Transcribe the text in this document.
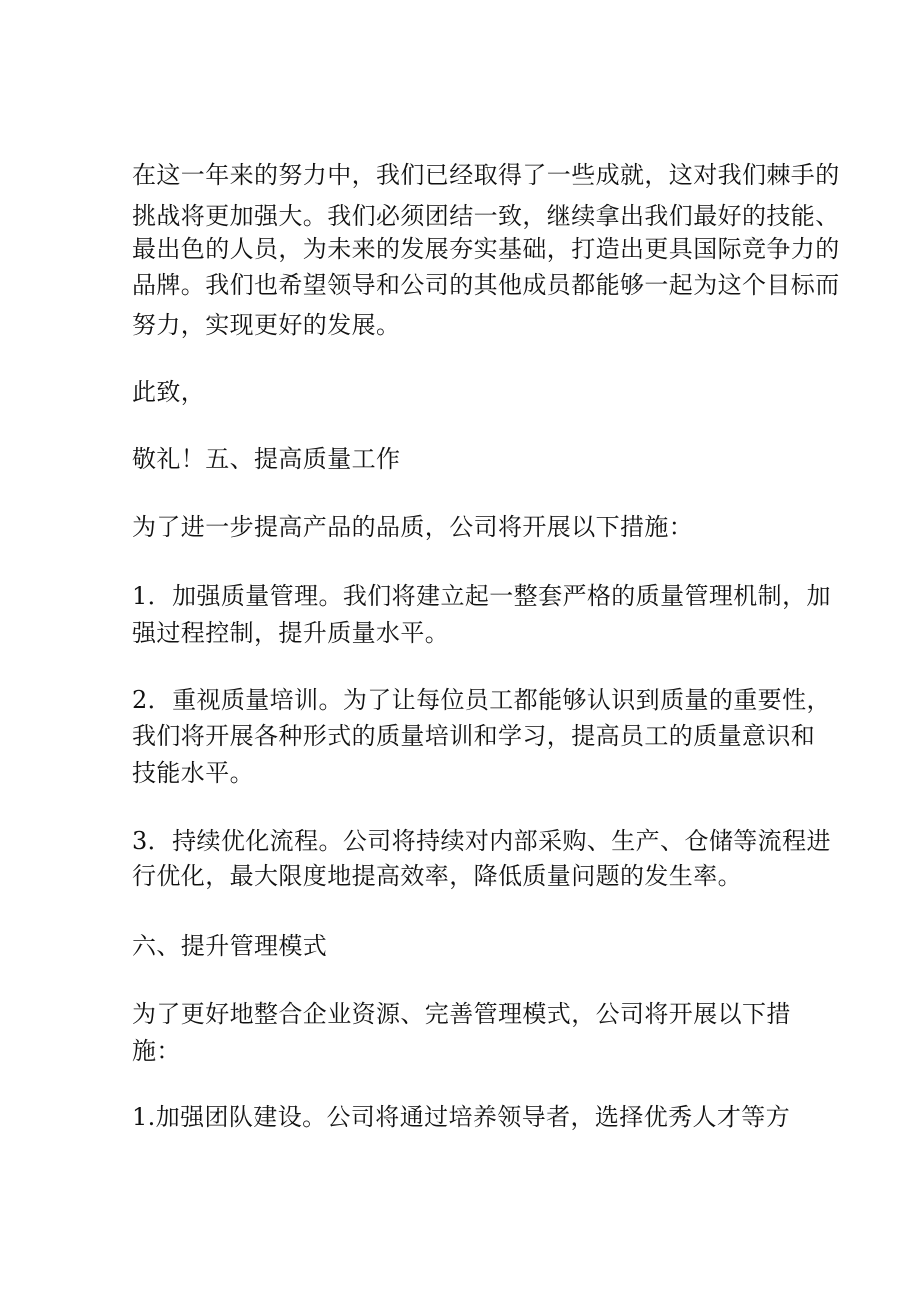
在这一年来的努力中，我们已经取得了一些成就，这对我们棘手的

挑战将更加强大。我们必须团结一致，继续拿出我们最好的技能、

最出色的人员，为未来的发展夯实基础，打造出更具国际竞争力的

品牌。我们也希望领导和公司的其他成员都能够一起为这个目标而

努力，实现更好的发展。

此致，

敬礼！五、提高质量工作

为了进一步提高产品的品质，公司将开展以下措施：

1．加强质量管理。我们将建立起一整套严格的质量管理机制，加

强过程控制，提升质量水平。

2．重视质量培训。为了让每位员工都能够认识到质量的重要性，

我们将开展各种形式的质量培训和学习，提高员工的质量意识和

技能水平。

3．持续优化流程。公司将持续对内部采购、生产、仓储等流程进

行优化，最大限度地提高效率，降低质量问题的发生率。

六、提升管理模式

为了更好地整合企业资源、完善管理模式，公司将开展以下措

施：

1.加强团队建设。公司将通过培养领导者，选择优秀人才等方
